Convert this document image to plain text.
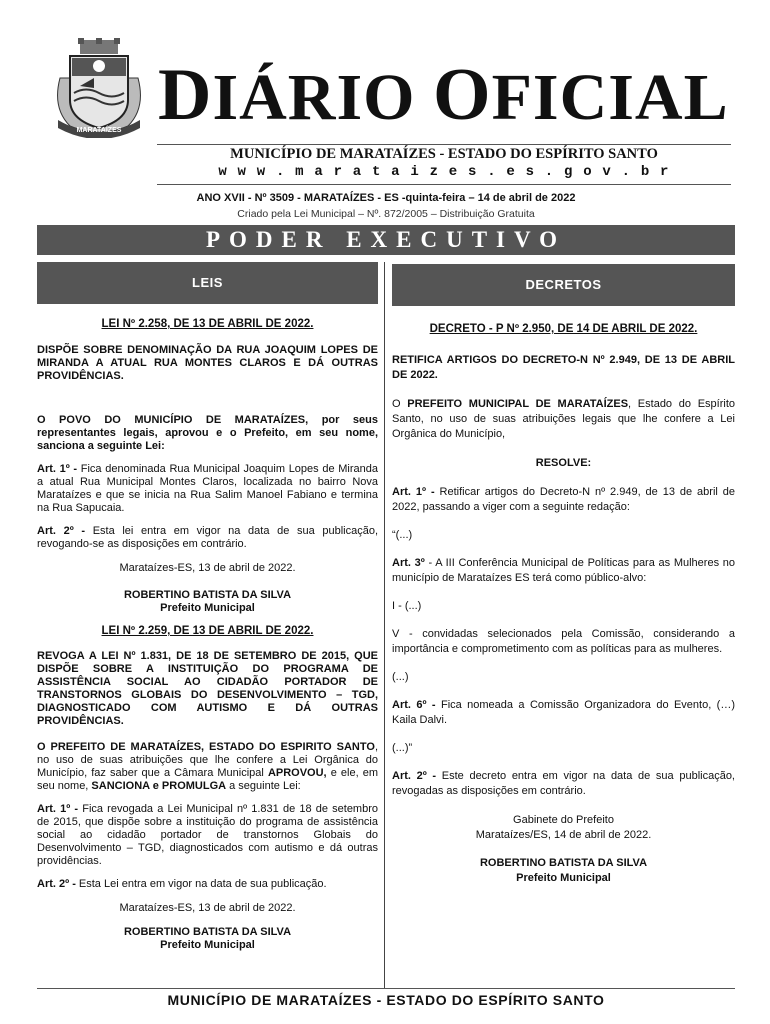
MARATAÍZES DIÁRIO OFICIAL
MUNICÍPIO DE MARATAÍZES - ESTADO DO ESPÍRITO SANTO
w w w . m a r a t a i z e s . e s . g o v . b r
ANO XVII - Nº 3509 - MARATAÍZES - ES -quinta-feira – 14 de abril de 2022
Criado pela Lei Municipal – Nº. 872/2005 – Distribuição Gratuita
PODER EXECUTIVO
LEIS

LEI Nº 2.258, DE 13 DE ABRIL DE 2022.

DISPÕE SOBRE DENOMINAÇÃO DA RUA JOAQUIM LOPES DE MIRANDA A ATUAL RUA MONTES CLAROS E DÁ OUTRAS PROVIDÊNCIAS.

O POVO DO MUNICÍPIO DE MARATAÍZES, por seus representantes legais, aprovou e o Prefeito, em seu nome, sanciona a seguinte Lei:

Art. 1º - Fica denominada Rua Municipal Joaquim Lopes de Miranda a atual Rua Municipal Montes Claros, localizada no bairro Nova Marataízes e que se inicia na Rua Salim Manoel Fabiano e termina na Rua Sapucaia.

Art. 2º - Esta lei entra em vigor na data de sua publicação, revogando-se as disposições em contrário.

Marataízes-ES, 13 de abril de 2022.

ROBERTINO BATISTA DA SILVA

Prefeito Municipal

LEI Nº 2.259, DE 13 DE ABRIL DE 2022.

REVOGA A LEI Nº 1.831, DE 18 DE SETEMBRO DE 2015, QUE DISPÕE SOBRE A INSTITUIÇÃO DO PROGRAMA DE ASSISTÊNCIA SOCIAL AO CIDADÃO PORTADOR DE TRANSTORNOS GLOBAIS DO DESENVOLVIMENTO – TGD, DIAGNOSTICADO COM AUTISMO E DÁ OUTRAS PROVIDÊNCIAS.

O PREFEITO DE MARATAÍZES, ESTADO DO ESPIRITO SANTO, no uso de suas atribuições que lhe confere a Lei Orgânica do Município, faz saber que a Câmara Municipal APROVOU, e ele, em seu nome, SANCIONA e PROMULGA a seguinte Lei:

Art. 1º - Fica revogada a Lei Municipal nº 1.831 de 18 de setembro de 2015, que dispõe sobre a instituição do programa de assistência social ao cidadão portador de transtornos Globais do Desenvolvimento – TGD, diagnosticados com autismo e dá outras providências.

Art. 2º - Esta Lei entra em vigor na data de sua publicação.

Marataízes-ES, 13 de abril de 2022.

ROBERTINO BATISTA DA SILVA

Prefeito Municipal

DECRETOS

DECRETO - P Nº 2.950, DE 14 DE ABRIL DE 2022.

RETIFICA ARTIGOS DO DECRETO-N Nº 2.949, DE 13 DE ABRIL DE 2022.

O PREFEITO MUNICIPAL DE MARATAÍZES, Estado do Espírito Santo, no uso de suas atribuições legais que lhe confere a Lei Orgânica do Município,

RESOLVE:

Art. 1º - Retificar artigos do Decreto-N nº 2.949, de 13 de abril de 2022, passando a viger com a seguinte redação:

“(...)

Art. 3º - A III Conferência Municipal de Políticas para as Mulheres no município de Marataízes ES terá como público-alvo:

I - (...)

V - convidadas selecionados pela Comissão, considerando a importância e comprometimento com as políticas para as mulheres.

(...)

Art. 6º - Fica nomeada a Comissão Organizadora do Evento, (…) Kaila Dalvi.

(...)”

Art. 2º - Este decreto entra em vigor na data de sua publicação, revogadas as disposições em contrário.

Gabinete do Prefeito

Marataízes/ES, 14 de abril de 2022.

ROBERTINO BATISTA DA SILVA

Prefeito Municipal

MUNICÍPIO DE MARATAÍZES - ESTADO DO ESPÍRITO SANTO
